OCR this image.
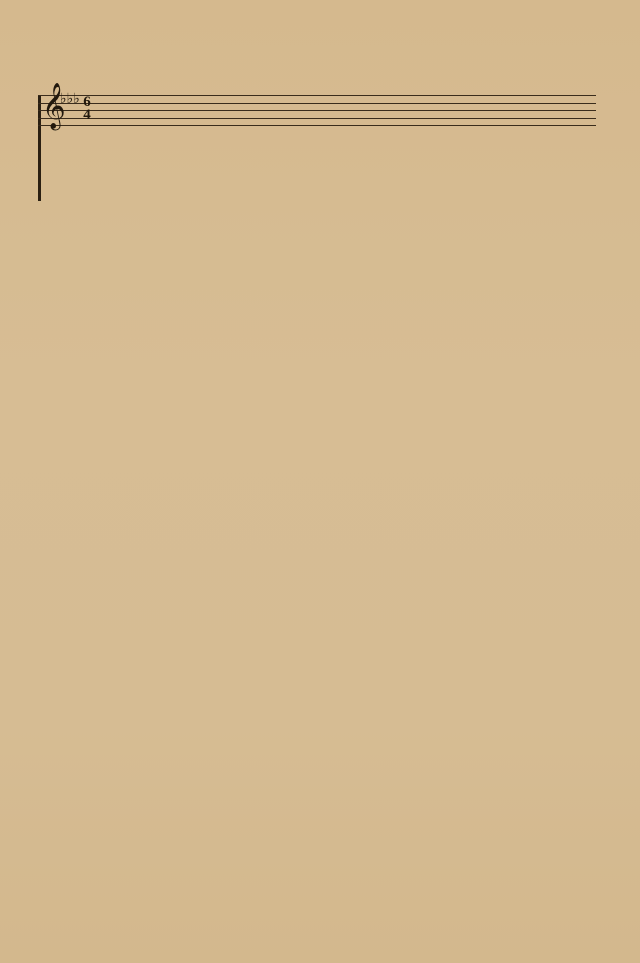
𝄞
♭♭♭ 6
4
